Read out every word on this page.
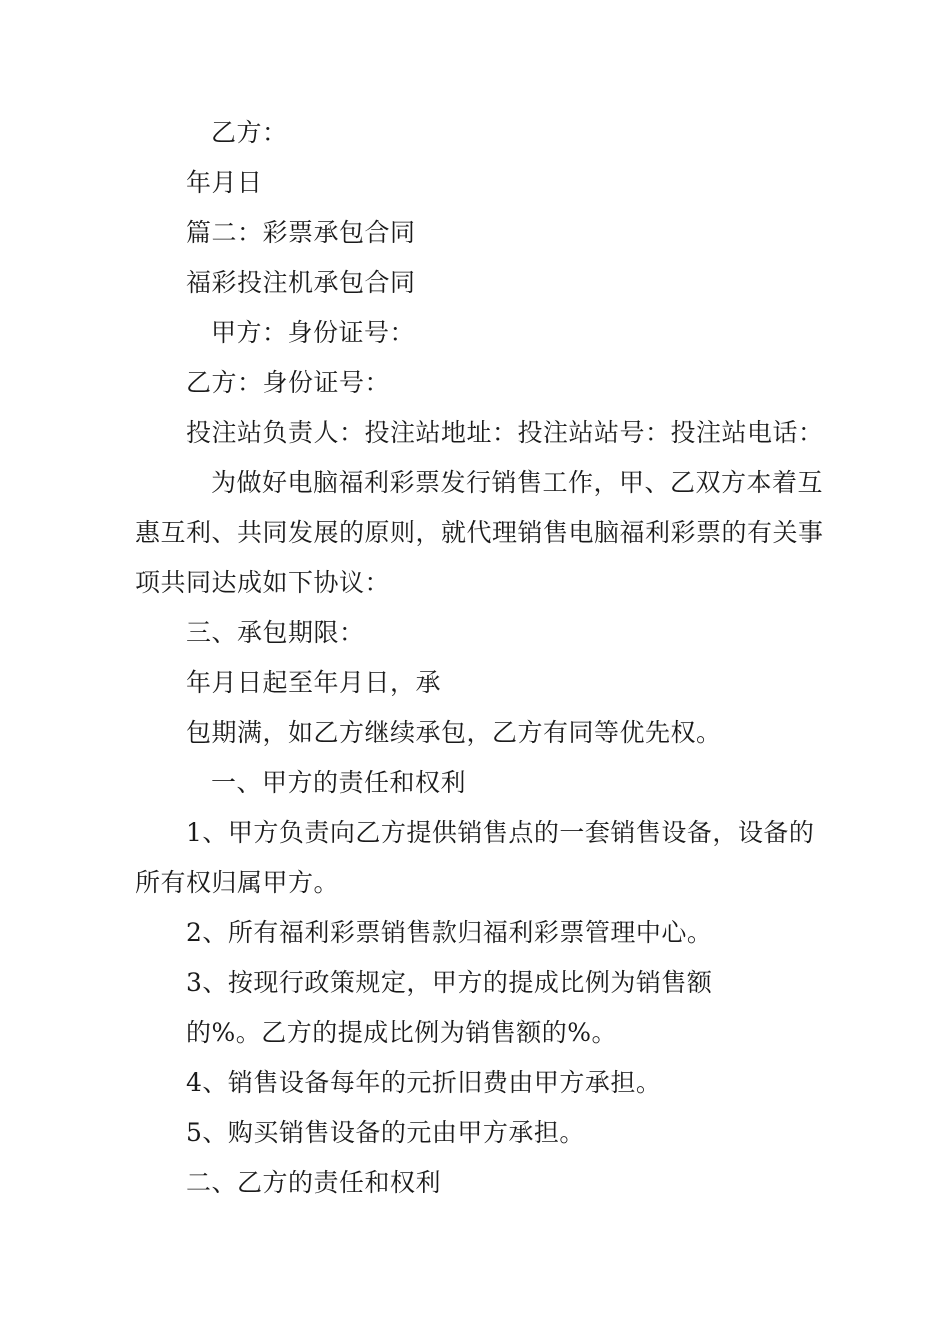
乙方：
年月日
篇二：彩票承包合同
福彩投注机承包合同
甲方：身份证号：
乙方：身份证号：
投注站负责人：投注站地址：投注站站号：投注站电话：
为做好电脑福利彩票发行销售工作，甲、乙双方本着互
惠互利、共同发展的原则，就代理销售电脑福利彩票的有关事
项共同达成如下协议：
三、承包期限：
年月日起至年月日，承
包期满，如乙方继续承包，乙方有同等优先权。
一、甲方的责任和权利
1、甲方负责向乙方提供销售点的一套销售设备，设备的
所有权归属甲方。
2、所有福利彩票销售款归福利彩票管理中心。
3、按现行政策规定，甲方的提成比例为销售额
的%。乙方的提成比例为销售额的%。
4、销售设备每年的元折旧费由甲方承担。
5、购买销售设备的元由甲方承担。
二、乙方的责任和权利
